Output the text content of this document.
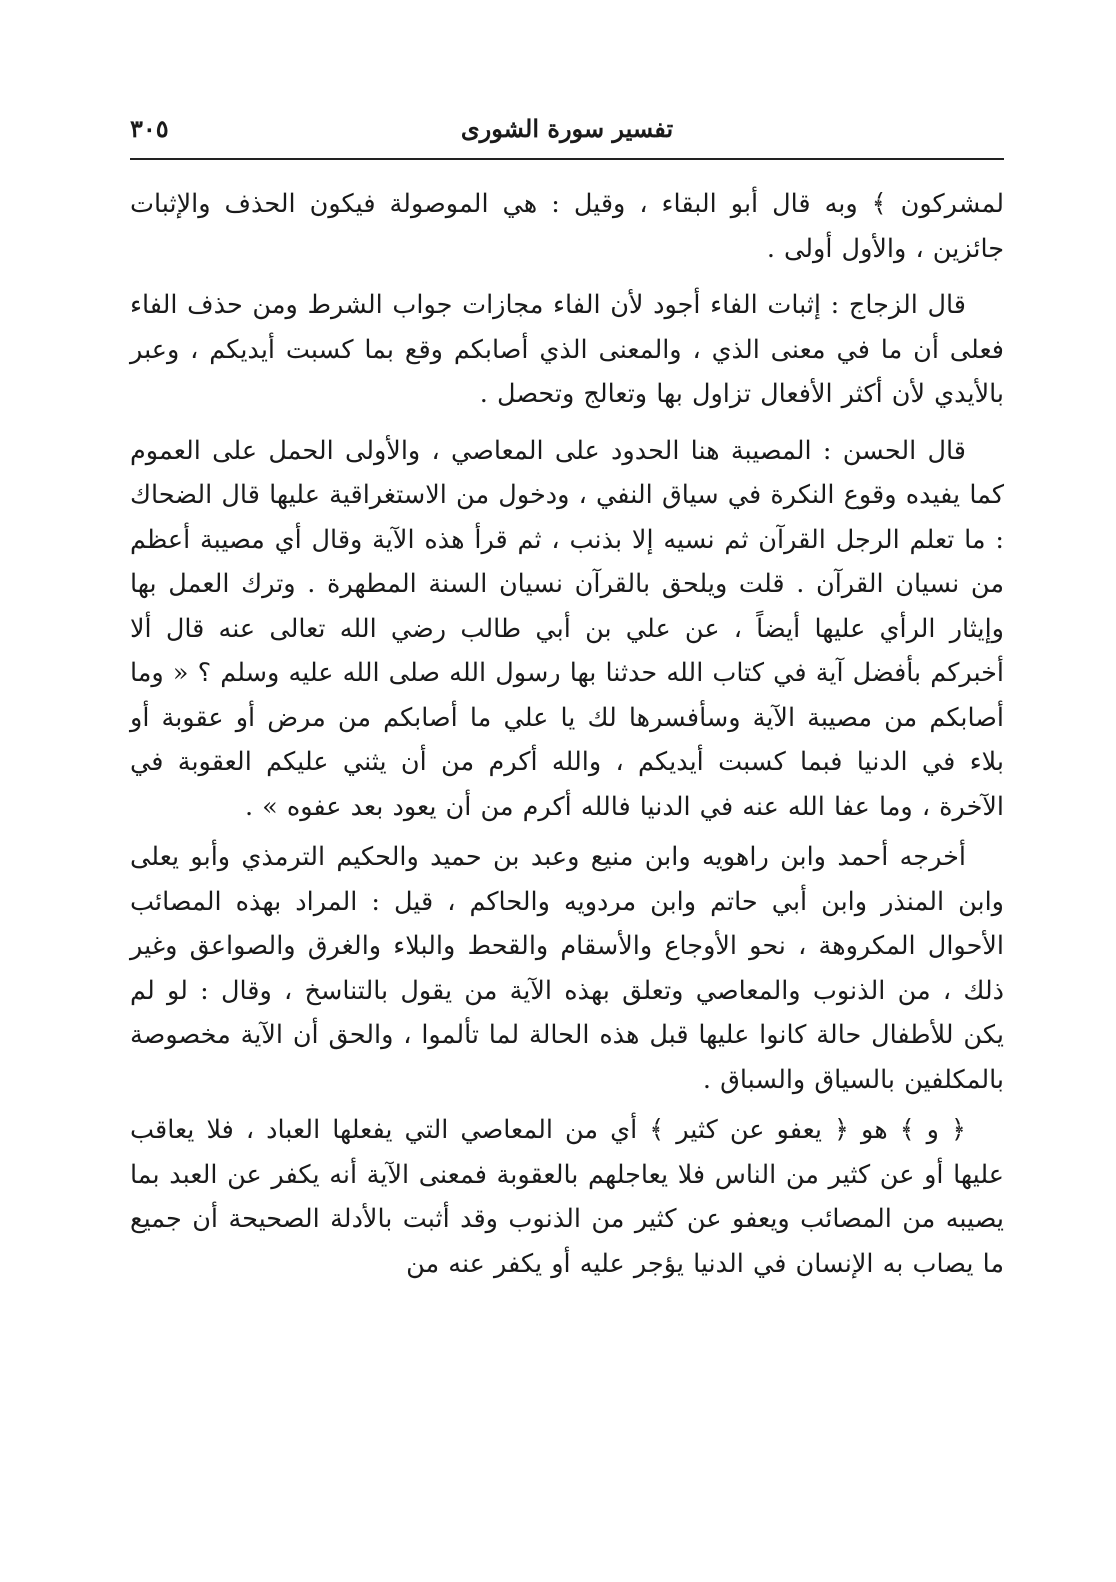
٣٠٥	تفسير سورة الشورى

لمشركون ﴾ وبه قال أبو البقاء ، وقيل : هي الموصولة فيكون الحذف والإثبات جائزين ، والأول أولى .

قال الزجاج : إثبات الفاء أجود لأن الفاء مجازات جواب الشرط ومن حذف الفاء فعلى أن ما في معنى الذي ، والمعنى الذي أصابكم وقع بما كسبت أيديكم ، وعبر بالأيدي لأن أكثر الأفعال تزاول بها وتعالج وتحصل .

قال الحسن : المصيبة هنا الحدود على المعاصي ، والأولى الحمل على العموم كما يفيده وقوع النكرة في سياق النفي ، ودخول من الاستغراقية عليها قال الضحاك : ما تعلم الرجل القرآن ثم نسيه إلا بذنب ، ثم قرأ هذه الآية وقال أي مصيبة أعظم من نسيان القرآن . قلت ويلحق بالقرآن نسيان السنة المطهرة . وترك العمل بها وإيثار الرأي عليها أيضاً ، عن علي بن أبي طالب رضي الله تعالى عنه قال ألا أخبركم بأفضل آية في كتاب الله حدثنا بها رسول الله صلى الله عليه وسلم ؟ « وما أصابكم من مصيبة الآية وسأفسرها لك يا علي ما أصابكم من مرض أو عقوبة أو بلاء في الدنيا فبما كسبت أيديكم ، والله أكرم من أن يثني عليكم العقوبة في الآخرة ، وما عفا الله عنه في الدنيا فالله أكرم من أن يعود بعد عفوه » .

أخرجه أحمد وابن راهويه وابن منيع وعبد بن حميد والحكيم الترمذي وأبو يعلى وابن المنذر وابن أبي حاتم وابن مردويه والحاكم ، قيل : المراد بهذه المصائب الأحوال المكروهة ، نحو الأوجاع والأسقام والقحط والبلاء والغرق والصواعق وغير ذلك ، من الذنوب والمعاصي وتعلق بهذه الآية من يقول بالتناسخ ، وقال : لو لم يكن للأطفال حالة كانوا عليها قبل هذه الحالة لما تألموا ، والحق أن الآية مخصوصة بالمكلفين بالسياق والسباق .

﴿ و ﴾ هو ﴿ يعفو عن كثير ﴾ أي من المعاصي التي يفعلها العباد ، فلا يعاقب عليها أو عن كثير من الناس فلا يعاجلهم بالعقوبة فمعنى الآية أنه يكفر عن العبد بما يصيبه من المصائب ويعفو عن كثير من الذنوب وقد أثبت بالأدلة الصحيحة أن جميع ما يصاب به الإنسان في الدنيا يؤجر عليه أو يكفر عنه من
